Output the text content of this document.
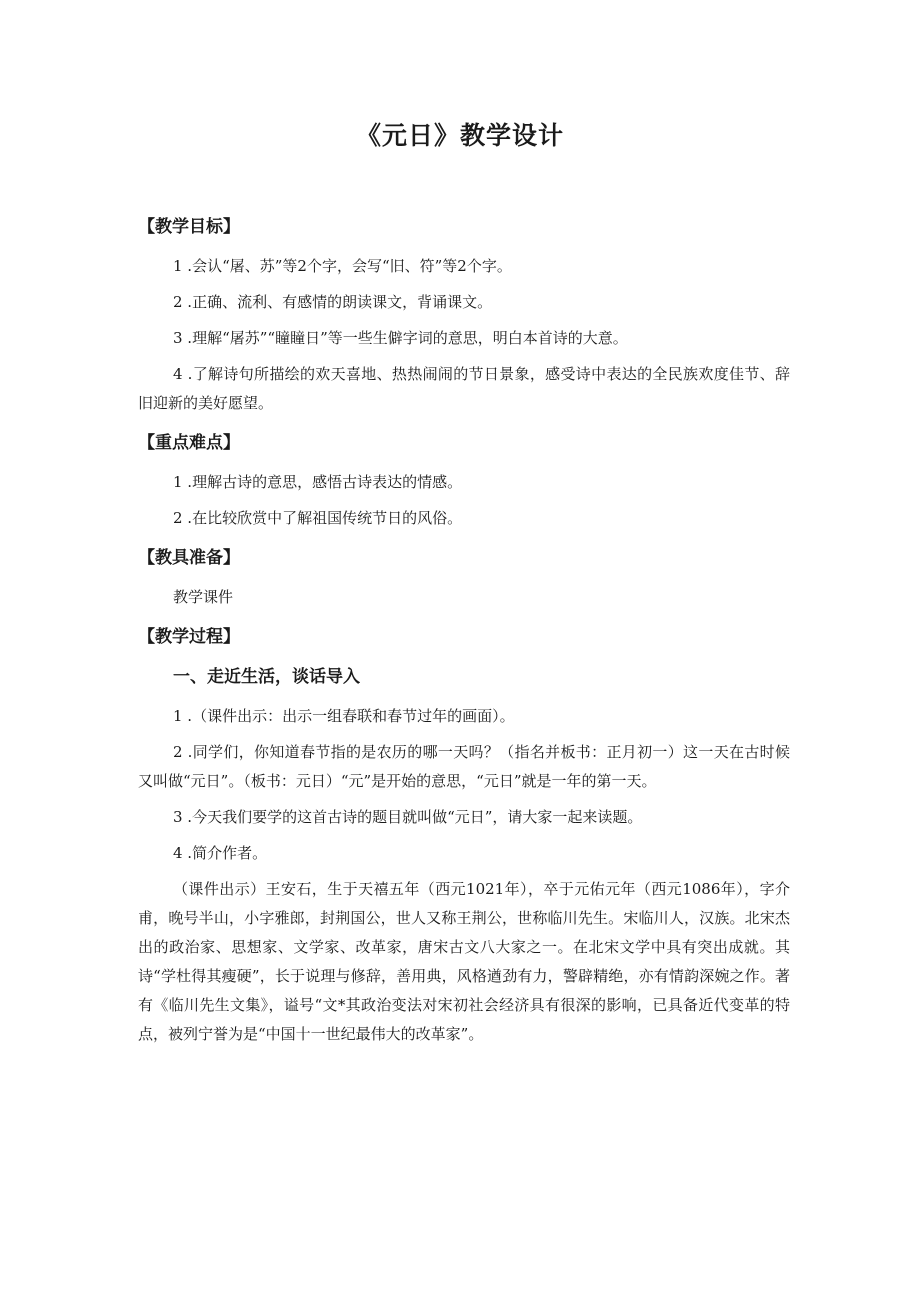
《元日》教学设计
【教学目标】

1 .会认“屠、苏”等2个字，会写“旧、符”等2个字。

2 .正确、流利、有感情的朗读课文，背诵课文。

3 .理解“屠苏”“瞳瞳日”等一些生僻字词的意思，明白本首诗的大意。

4 .了解诗句所描绘的欢天喜地、热热闹闹的节日景象，感受诗中表达的全民族欢度佳节、辞旧迎新的美好愿望。

【重点难点】

1 .理解古诗的意思，感悟古诗表达的情感。

2 .在比较欣赏中了解祖国传统节日的风俗。

【教具准备】

教学课件

【教学过程】
一、走近生活，谈话导入

1 .（课件出示：出示一组春联和春节过年的画面）。

2 .同学们，你知道春节指的是农历的哪一天吗？（指名并板书：正月初一）这一天在古时候又叫做“元日”。（板书：元日）“元”是开始的意思，“元日”就是一年的第一天。

3 .今天我们要学的这首古诗的题目就叫做“元日”，请大家一起来读题。

4 .简介作者。

（课件出示）王安石，生于天禧五年（西元1021年），卒于元佑元年（西元1086年），字介甫，晚号半山，小字雅郎，封荆国公，世人又称王荆公，世称临川先生。宋临川人，汉族。北宋杰出的政治家、思想家、文学家、改革家，唐宋古文八大家之一。在北宋文学中具有突出成就。其诗“学杜得其瘦硬”，长于说理与修辞，善用典，风格遒劲有力，警辟精绝，亦有情韵深婉之作。著有《临川先生文集》，谥号“文*其政治变法对宋初社会经济具有很深的影响，已具备近代变革的特点，被列宁誉为是“中国十一世纪最伟大的改革家”。
